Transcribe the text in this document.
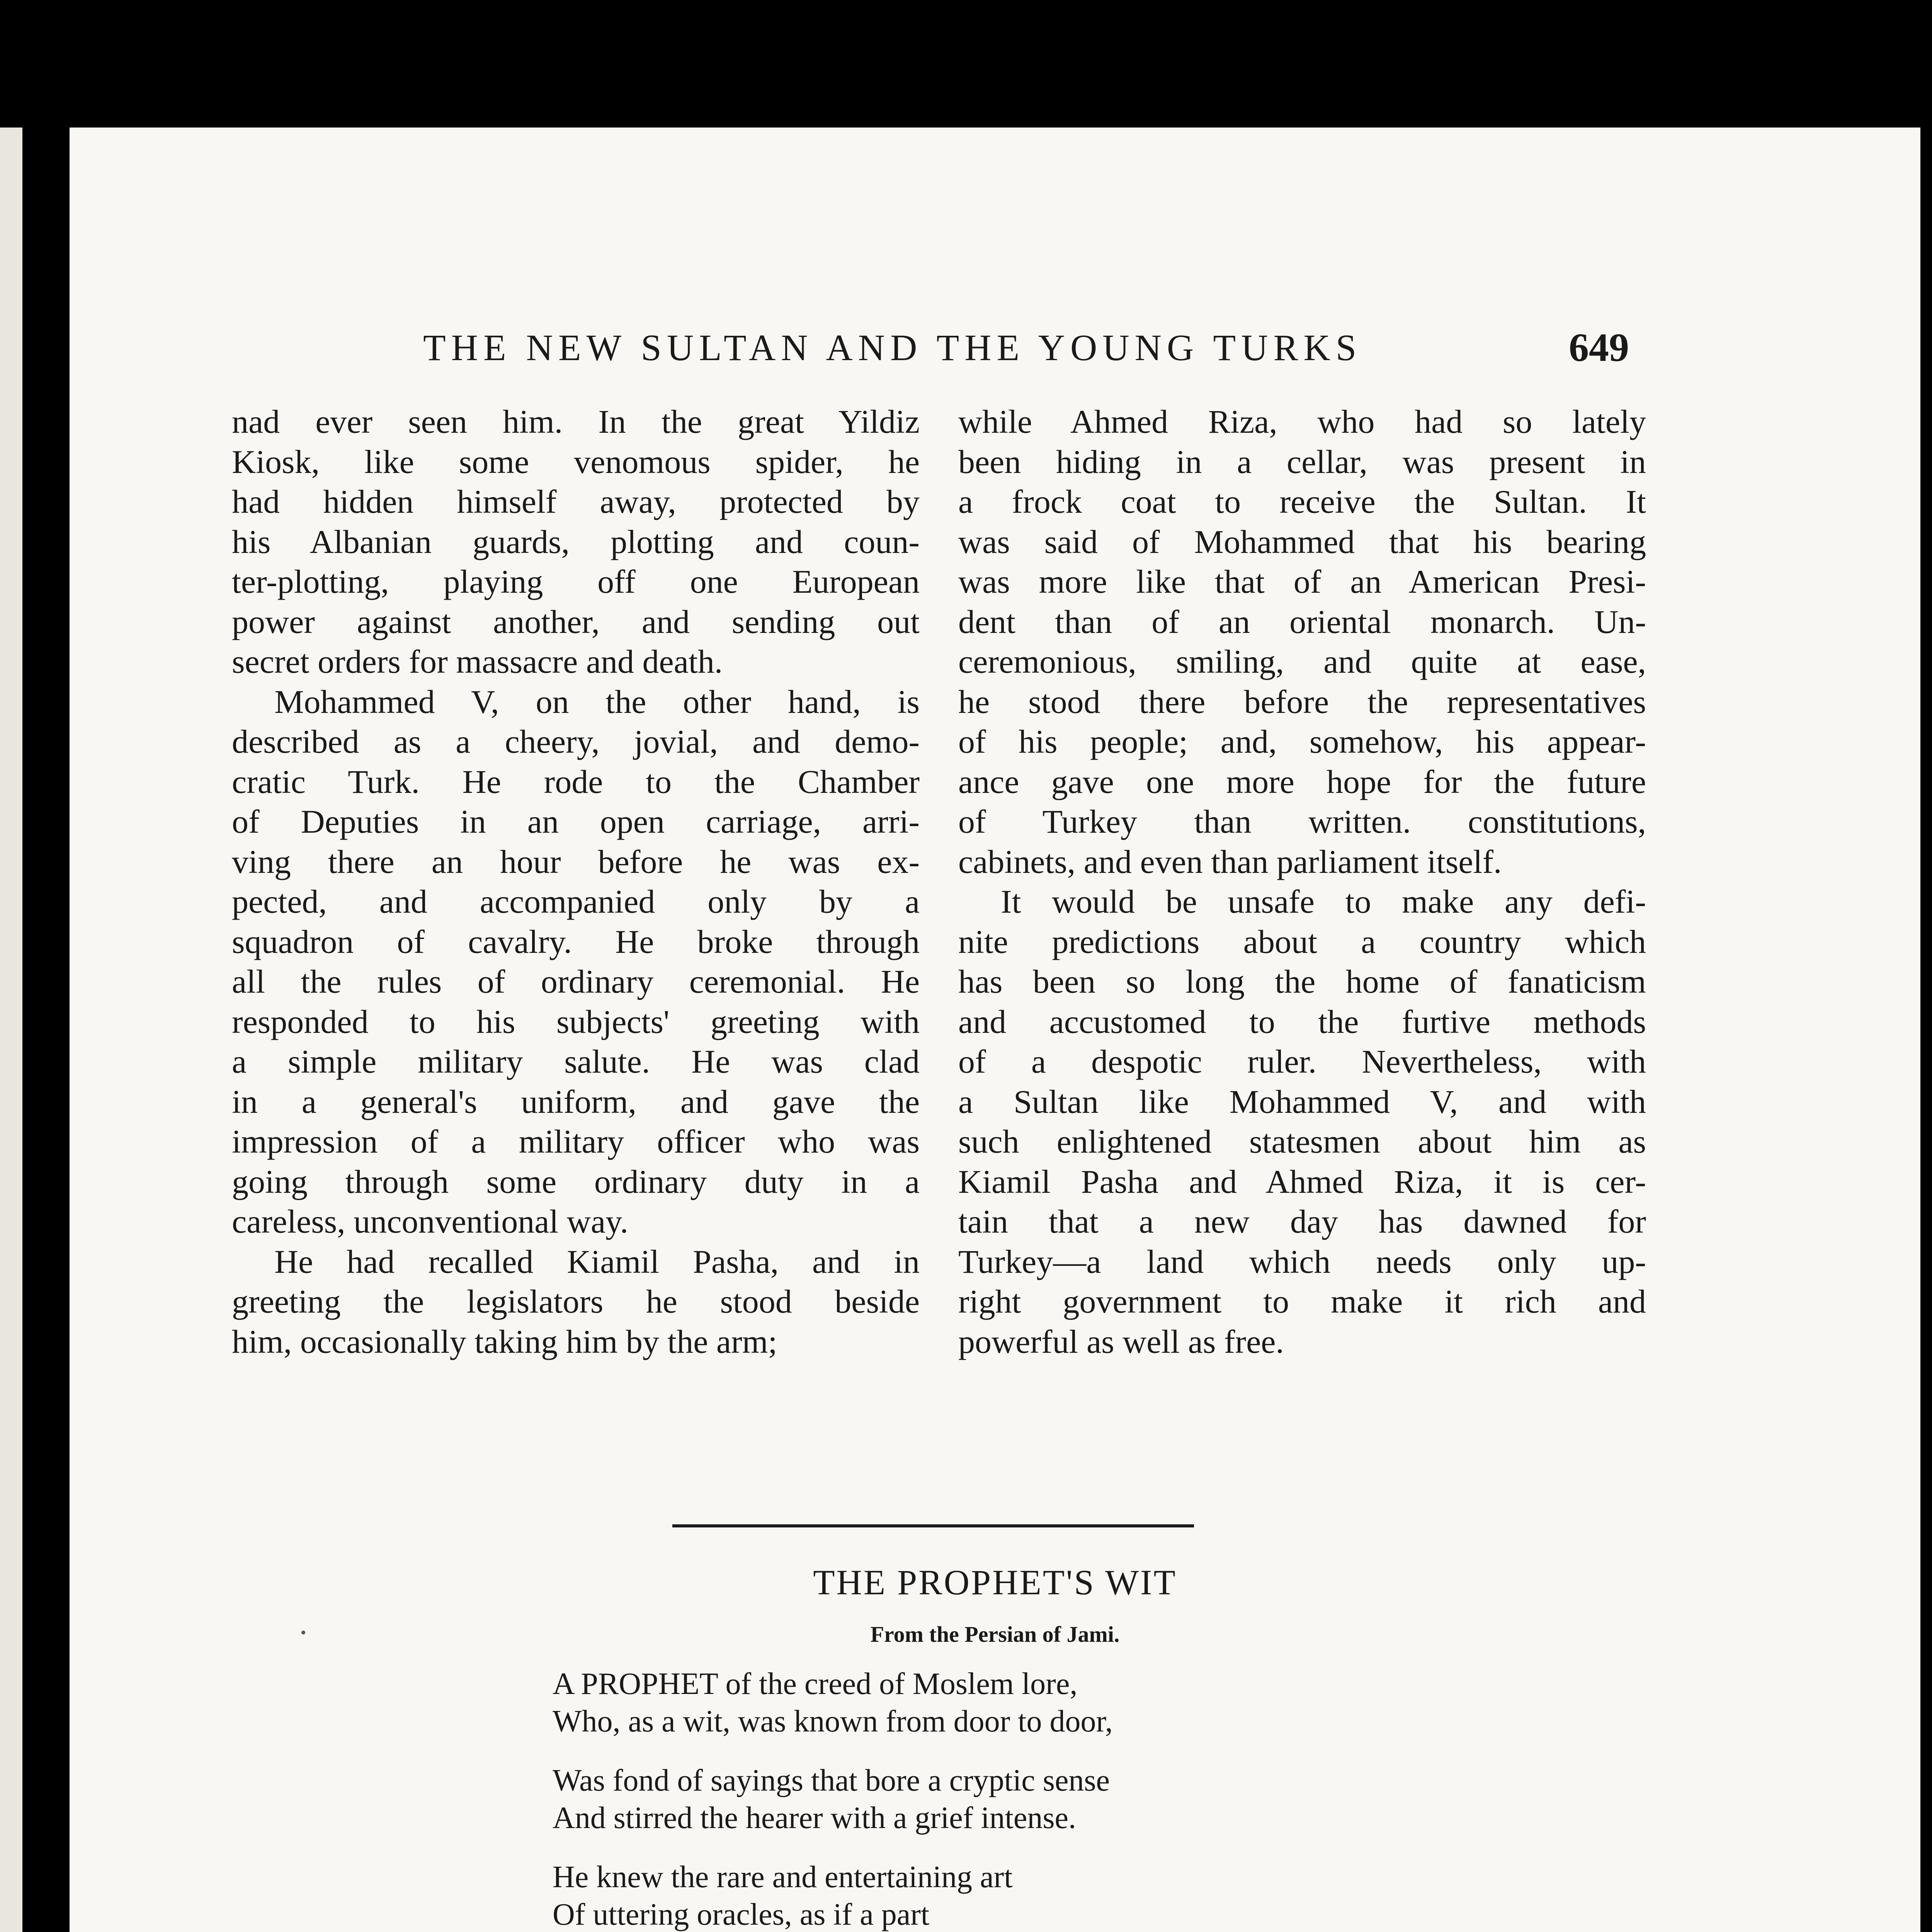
THE NEW SULTAN AND THE YOUNG TURKS	649
nad ever seen him. In the great Yildiz
Kiosk, like some venomous spider, he
had hidden himself away, protected by
his Albanian guards, plotting and coun-
ter-plotting, playing off one European
power against another, and sending out
secret orders for massacre and death.
Mohammed V, on the other hand, is
described as a cheery, jovial, and demo-
cratic Turk. He rode to the Chamber
of Deputies in an open carriage, arri-
ving there an hour before he was ex-
pected, and accompanied only by a
squadron of cavalry. He broke through
all the rules of ordinary ceremonial. He
responded to his subjects' greeting with
a simple military salute. He was clad
in a general's uniform, and gave the
impression of a military officer who was
going through some ordinary duty in a
careless, unconventional way.
He had recalled Kiamil Pasha, and in
greeting the legislators he stood beside
him, occasionally taking him by the arm;
while Ahmed Riza, who had so lately
been hiding in a cellar, was present in
a frock coat to receive the Sultan. It
was said of Mohammed that his bearing
was more like that of an American Presi-
dent than of an oriental monarch. Un-
ceremonious, smiling, and quite at ease,
he stood there before the representatives
of his people; and, somehow, his appear-
ance gave one more hope for the future
of Turkey than written. constitutions,
cabinets, and even than parliament itself.
It would be unsafe to make any defi-
nite predictions about a country which
has been so long the home of fanaticism
and accustomed to the furtive methods
of a despotic ruler. Nevertheless, with
a Sultan like Mohammed V, and with
such enlightened statesmen about him as
Kiamil Pasha and Ahmed Riza, it is cer-
tain that a new day has dawned for
Turkey—a land which needs only up-
right government to make it rich and
powerful as well as free.
THE PROPHET'S WIT
From the Persian of Jami.
A PROPHET of the creed of Moslem lore,
Who, as a wit, was known from door to door,
Was fond of sayings that bore a cryptic sense
And stirred the hearer with a grief intense.
He knew the rare and entertaining art
Of uttering oracles, as if a part
